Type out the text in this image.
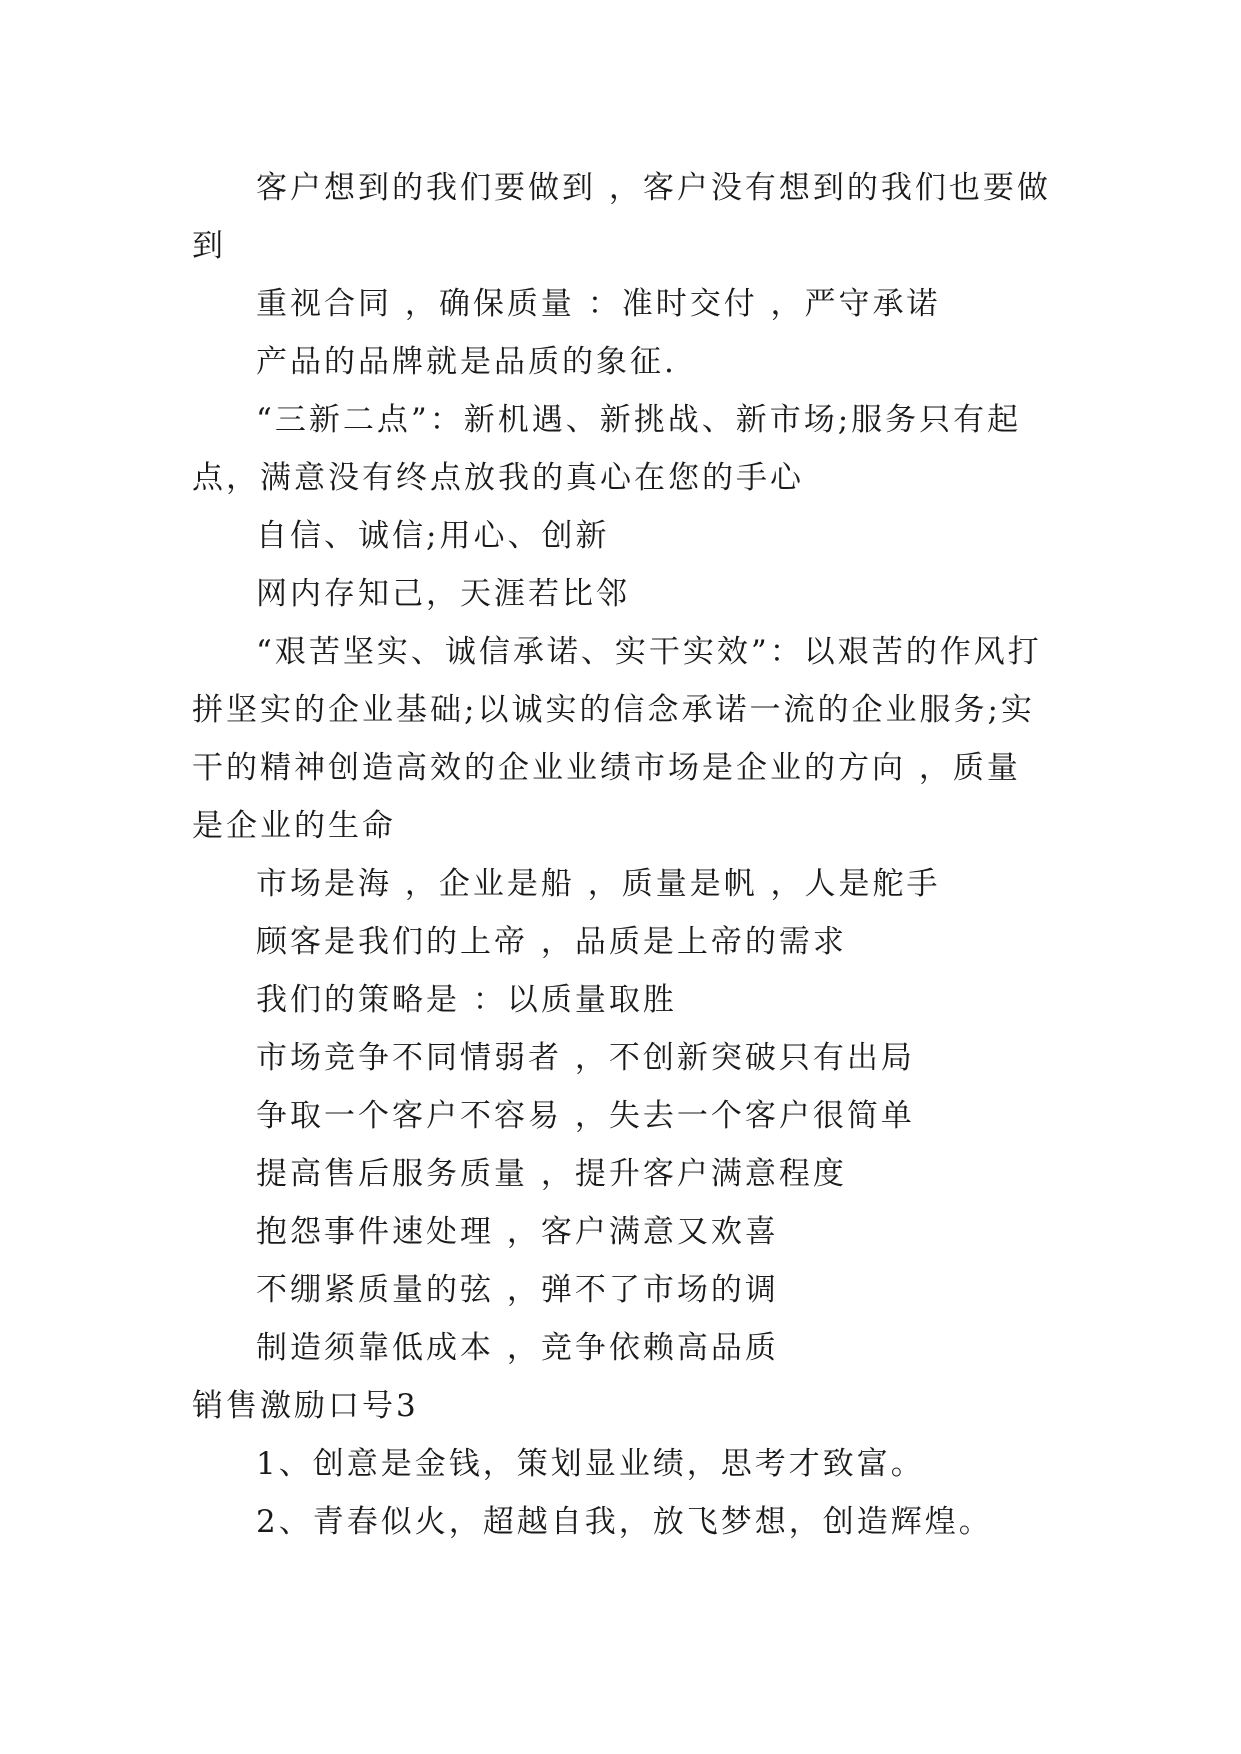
客户想到的我们要做到 ，客户没有想到的我们也要做到

重视合同 ，确保质量 ：准时交付 ，严守承诺

产品的品牌就是品质的象征.

“三新二点”：新机遇、新挑战、新市场;服务只有起点，满意没有终点放我的真心在您的手心

自信、诚信;用心、创新

网内存知己，天涯若比邻

“艰苦坚实、诚信承诺、实干实效”：以艰苦的作风打拼坚实的企业基础;以诚实的信念承诺一流的企业服务;实干的精神创造高效的企业业绩市场是企业的方向 ，质量是企业的生命

市场是海 ，企业是船 ，质量是帆 ，人是舵手

顾客是我们的上帝 ，品质是上帝的需求

我们的策略是 ：以质量取胜

市场竞争不同情弱者 ，不创新突破只有出局

争取一个客户不容易 ，失去一个客户很简单

提高售后服务质量 ，提升客户满意程度

抱怨事件速处理 ，客户满意又欢喜

不绷紧质量的弦 ，弹不了市场的调

制造须靠低成本 ，竞争依赖高品质

销售激励口号3

1、创意是金钱，策划显业绩，思考才致富。

2、青春似火，超越自我，放飞梦想，创造辉煌。
